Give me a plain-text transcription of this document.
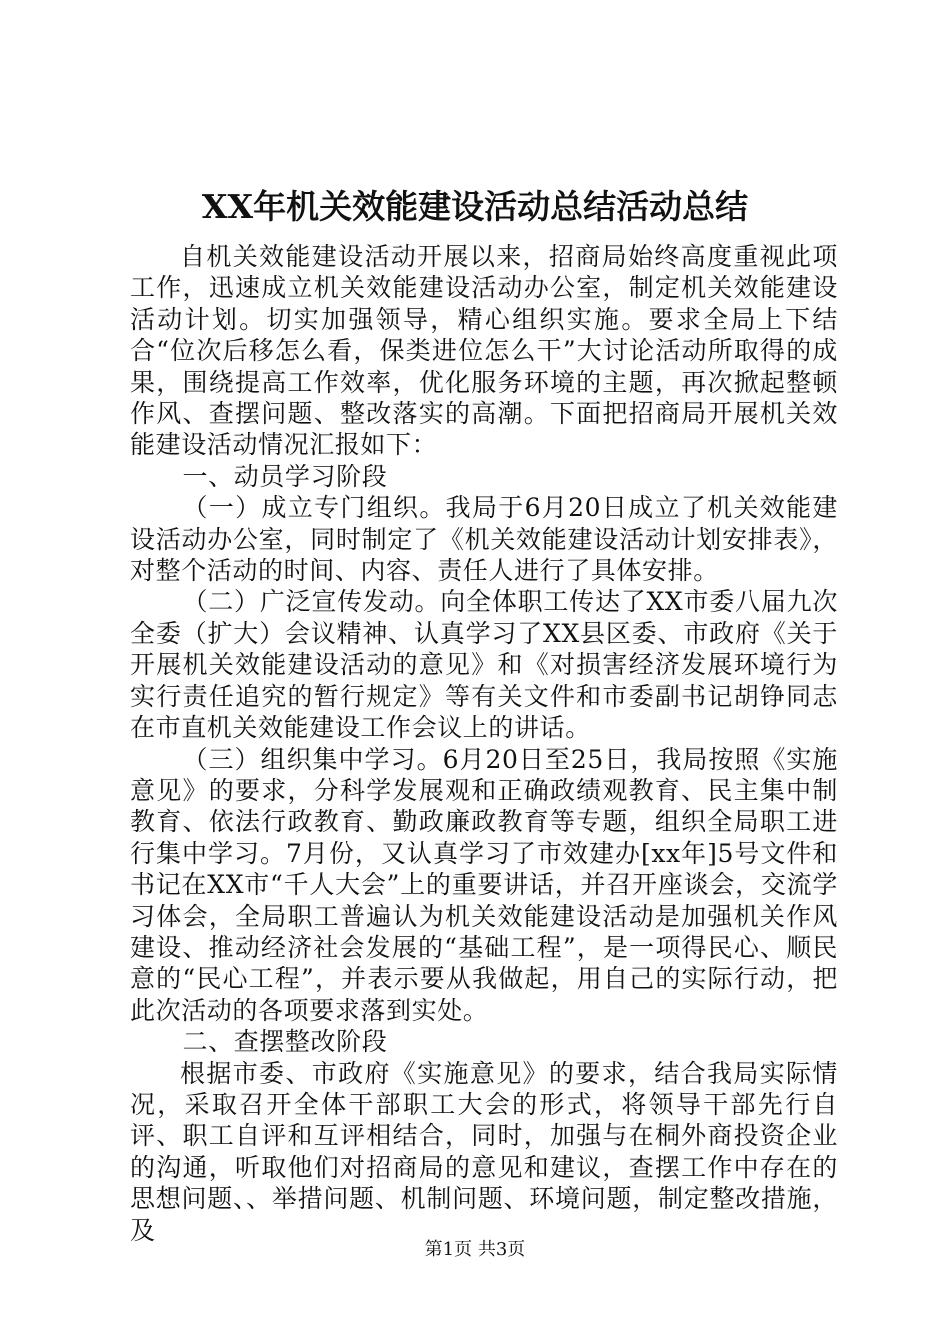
XX年机关效能建设活动总结活动总结

自机关效能建设活动开展以来，招商局始终高度重视此项工作，迅速成立机关效能建设活动办公室，制定机关效能建设活动计划。切实加强领导，精心组织实施。要求全局上下结合“位次后移怎么看，保类进位怎么干”大讨论活动所取得的成果，围绕提高工作效率，优化服务环境的主题，再次掀起整顿作风、查摆问题、整改落实的高潮。下面把招商局开展机关效能建设活动情况汇报如下：

一、动员学习阶段

（一）成立专门组织。我局于6月20日成立了机关效能建设活动办公室，同时制定了《机关效能建设活动计划安排表》，对整个活动的时间、内容、责任人进行了具体安排。

（二）广泛宣传发动。向全体职工传达了XX市委八届九次全委（扩大）会议精神、认真学习了XX县区委、市政府《关于开展机关效能建设活动的意见》和《对损害经济发展环境行为实行责任追究的暂行规定》等有关文件和市委副书记胡铮同志在市直机关效能建设工作会议上的讲话。

（三）组织集中学习。6月20日至25日，我局按照《实施意见》的要求，分科学发展观和正确政绩观教育、民主集中制教育、依法行政教育、勤政廉政教育等专题，组织全局职工进行集中学习。7月份，又认真学习了市效建办[xx年]5号文件和书记在XX市“千人大会”上的重要讲话，并召开座谈会，交流学习体会，全局职工普遍认为机关效能建设活动是加强机关作风建设、推动经济社会发展的“基础工程”，是一项得民心、顺民意的“民心工程”，并表示要从我做起，用自己的实际行动，把此次活动的各项要求落到实处。

二、查摆整改阶段

根据市委、市政府《实施意见》的要求，结合我局实际情况，采取召开全体干部职工大会的形式，将领导干部先行自评、职工自评和互评相结合，同时，加强与在桐外商投资企业的沟通，听取他们对招商局的意见和建议，查摆工作中存在的思想问题、、举措问题、机制问题、环境问题，制定整改措施，及

第1页 共3页
